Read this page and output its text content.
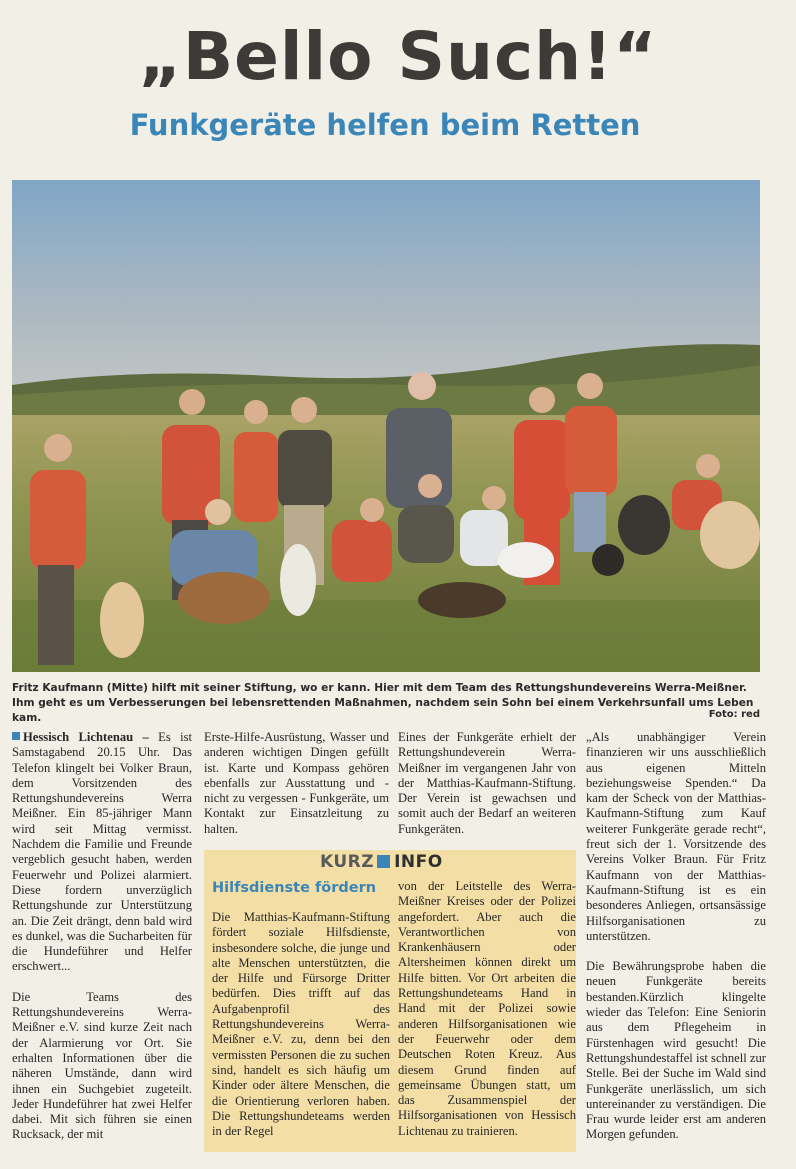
„Bello Such!“
Funkgeräte helfen beim Retten
Fritz Kaufmann (Mitte) hilft mit seiner Stiftung, wo er kann. Hier mit dem Team des Rettungshundevereins Werra-Meißner. Ihm geht es um Verbesserungen bei lebensrettenden Maßnahmen, nachdem sein Sohn bei einem Verkehrsunfall ums Leben kam.	Foto: red

Hessisch Lichtenau – Es ist Samstagabend 20.15 Uhr. Das Telefon klingelt bei Volker Braun, dem Vorsitzenden des Rettungshundevereins Werra Meißner. Ein 85-jähriger Mann wird seit Mittag vermisst. Nachdem die Familie und Freunde vergeblich gesucht haben, werden Feuerwehr und Polizei alarmiert. Diese fordern unverzüglich Rettungshunde zur Unterstützung an. Die Zeit drängt, denn bald wird es dunkel, was die Sucharbeiten für die Hundeführer und Helfer erschwert...

Die Teams des Rettungshundevereins Werra-Meißner e.V. sind kurze Zeit nach der Alarmierung vor Ort. Sie erhalten Informationen über die näheren Umstände, dann wird ihnen ein Suchgebiet zugeteilt. Jeder Hundeführer hat zwei Helfer dabei. Mit sich führen sie einen Rucksack, der mit

Erste-Hilfe-Ausrüstung, Wasser und anderen wichtigen Dingen gefüllt ist. Karte und Kompass gehören ebenfalls zur Ausstattung und - nicht zu vergessen - Funkgeräte, um Kontakt zur Einsatzleitung zu halten.

Eines der Funkgeräte erhielt der Rettungshundeverein Werra-Meißner im vergangenen Jahr von der Matthias-Kaufmann-Stiftung. Der Verein ist gewachsen und somit auch der Bedarf an weiteren Funkgeräten.

„Als unabhängiger Verein finanzieren wir uns ausschließlich aus eigenen Mitteln beziehungsweise Spenden.“ Da kam der Scheck von der Matthias-Kaufmann-Stiftung zum Kauf weiterer Funkgeräte gerade recht“, freut sich der 1. Vorsitzende des Vereins Volker Braun. Für Fritz Kaufmann von der Matthias-Kaufmann-Stiftung ist es ein besonderes Anliegen, ortsansässige Hilfsorganisationen zu unterstützen.

Die Bewährungsprobe haben die neuen Funkgeräte bereits bestanden.Kürzlich klingelte wieder das Telefon: Eine Seniorin aus dem Pflegeheim in Fürstenhagen wird gesucht! Die Rettungshundestaffel ist schnell zur Stelle. Bei der Suche im Wald sind Funkgeräte unerlässlich, um sich untereinander zu verständigen. Die Frau wurde leider erst am anderen Morgen gefunden.

KURZ INFO
Hilfsdienste fördern
Die Matthias-Kaufmann-Stiftung fördert soziale Hilfsdienste, insbesondere solche, die junge und alte Menschen unterstützten, die der Hilfe und Fürsorge Dritter bedürfen. Dies trifft auf das Aufgabenprofil des Rettungshundevereins Werra-Meißner e.V. zu, denn bei den vermissten Personen die zu suchen sind, handelt es sich häufig um Kinder oder ältere Menschen, die die Orientierung verloren haben. Die Rettungshundeteams werden in der Regel
von der Leitstelle des Werra-Meißner Kreises oder der Polizei angefordert. Aber auch die Verantwortlichen von Krankenhäusern oder Altersheimen können direkt um Hilfe bitten. Vor Ort arbeiten die Rettungshundeteams Hand in Hand mit der Polizei sowie anderen Hilfsorganisationen wie der Feuerwehr oder dem Deutschen Roten Kreuz. Aus diesem Grund finden auf gemeinsame Übungen statt, um das Zusammenspiel der Hilfsorganisationen von Hessisch Lichtenau zu trainieren.
